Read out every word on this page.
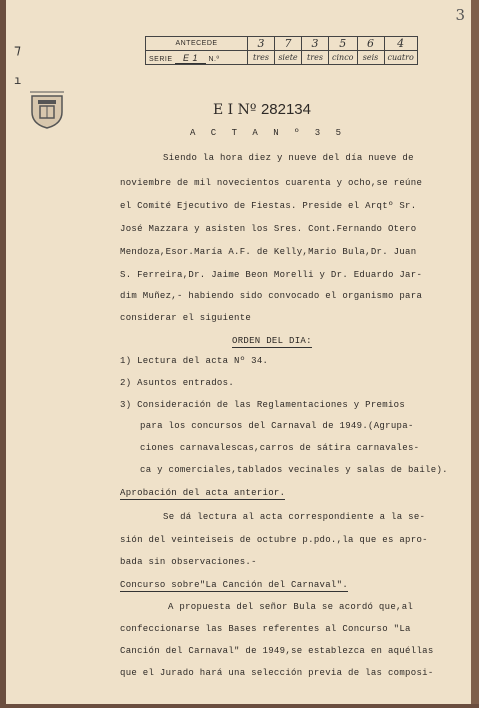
3
⁊
ı
ANTECEDE	3	7	3	5	6	4
SERIE E 1 N.º	tres	siete	tres	cinco	seis	cuatro
E I Nº 282134
A C T A N º 3 5
Siendo la hora diez y nueve del día nueve de
noviembre de mil novecientos cuarenta y ocho,se reúne
el Comité Ejecutivo de Fiestas. Preside el Arqtº Sr.
José Mazzara y asisten los Sres. Cont.Fernando Otero
Mendoza,Esor.María A.F. de Kelly,Mario Bula,Dr. Juan
S. Ferreira,Dr. Jaime Beon Morelli y Dr. Eduardo Jar-
dim Muñez,- habiendo sido convocado el organismo para
considerar el siguiente
ORDEN DEL DIA:
1) Lectura del acta Nº 34.
2) Asuntos entrados.
3) Consideración de las Reglamentaciones y Premios
para los concursos del Carnaval de 1949.(Agrupa-
ciones carnavalescas,carros de sátira carnavales-
ca y comerciales,tablados vecinales y salas de baile).
Aprobación del acta anterior.
Se dá lectura al acta correspondiente a la se-
sión del veinteiseis de octubre p.pdo.,la que es apro-
bada sin observaciones.-
Concurso sobre"La Canción del Carnaval".
A propuesta del señor Bula se acordó que,al
confeccionarse las Bases referentes al Concurso "La
Canción del Carnaval" de 1949,se establezca en aquéllas
que el Jurado hará una selección previa de las composi-
